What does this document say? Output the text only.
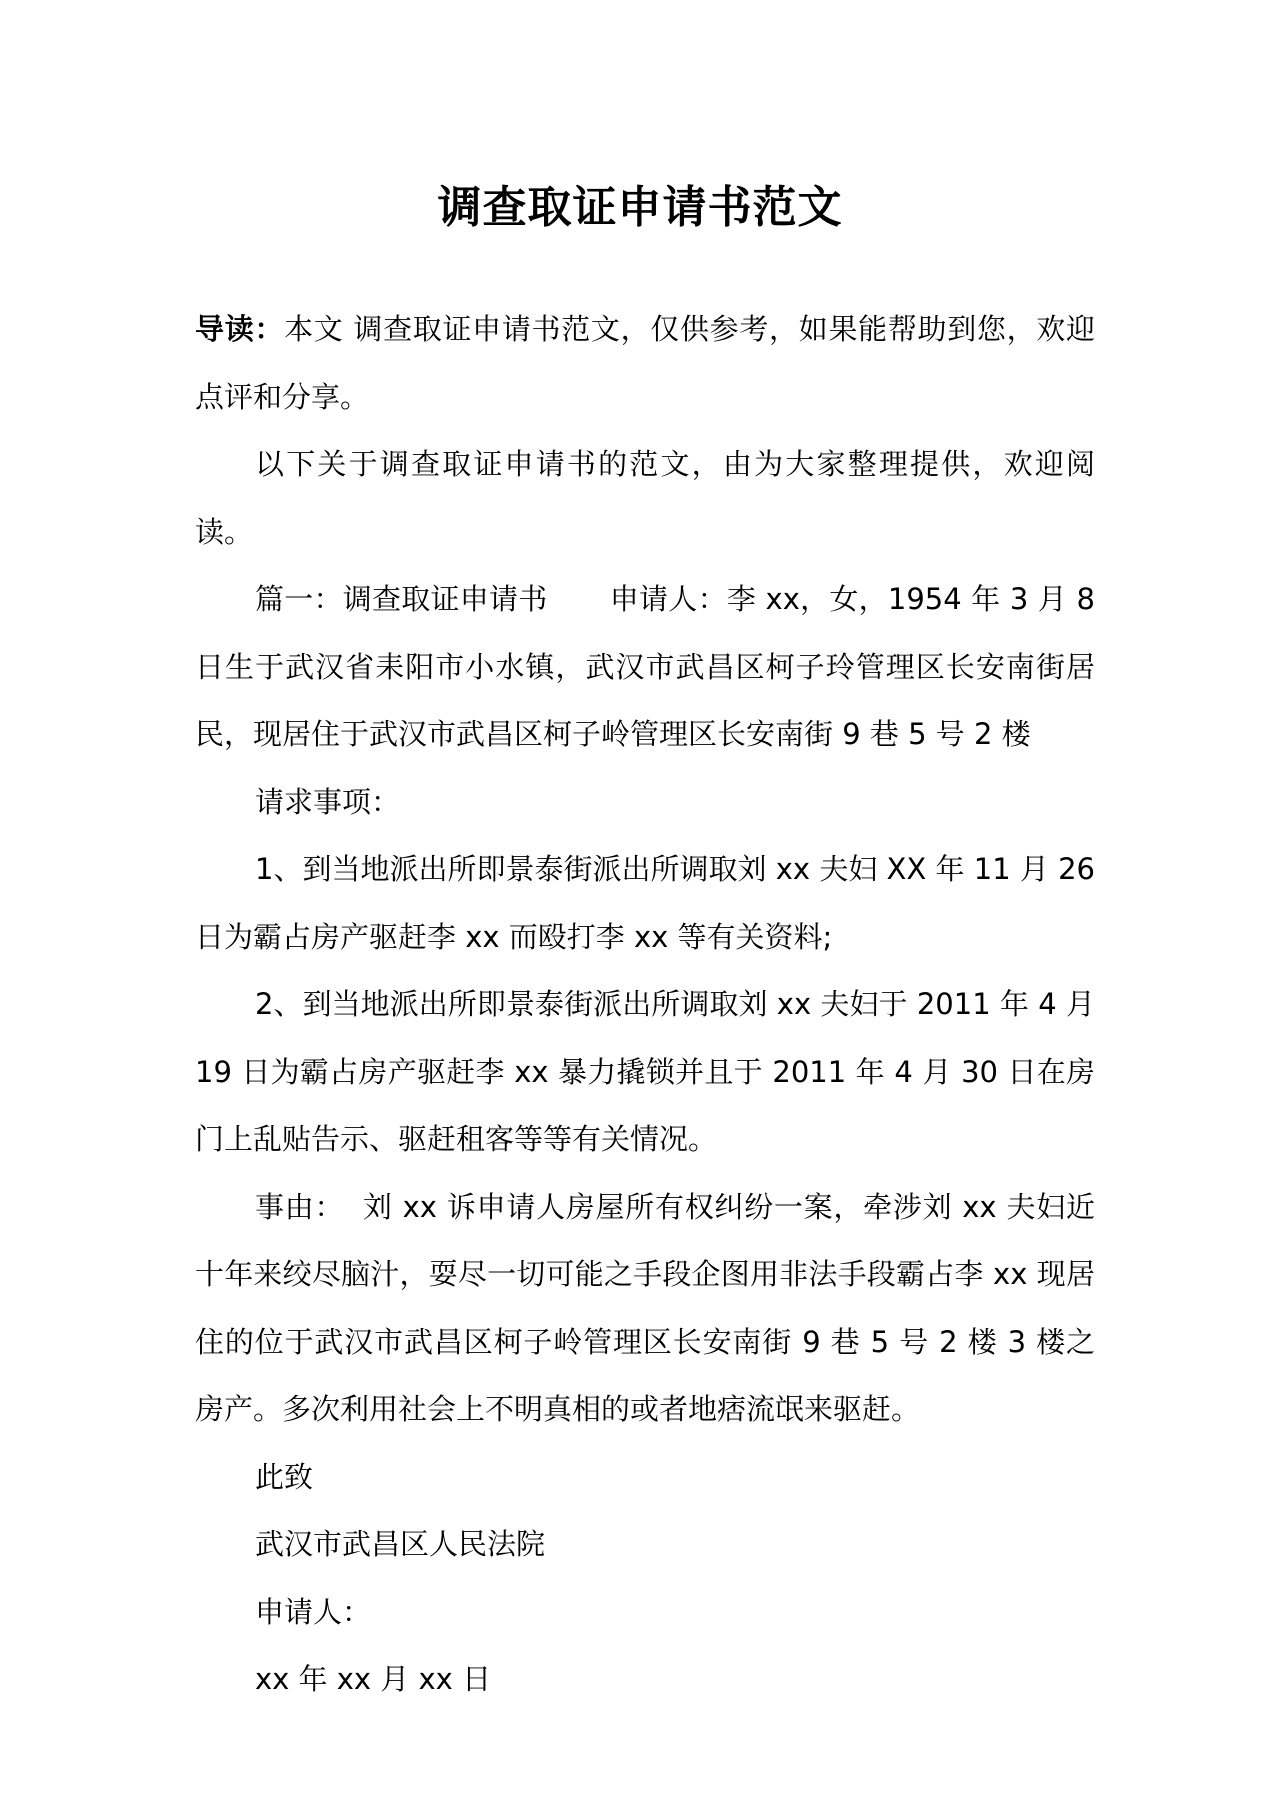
调查取证申请书范文

导读：本文 调查取证申请书范文，仅供参考，如果能帮助到您，欢迎点评和分享。

以下关于调查取证申请书的范文，由为大家整理提供，欢迎阅读。

篇一：调查取证申请书 申请人：李 xx，女，1954 年 3 月 8 日生于武汉省耒阳市小水镇，武汉市武昌区柯子玲管理区长安南街居民，现居住于武汉市武昌区柯子岭管理区长安南街 9 巷 5 号 2 楼

请求事项：

1、到当地派出所即景泰街派出所调取刘 xx 夫妇 XX 年 11 月 26 日为霸占房产驱赶李 xx 而殴打李 xx 等有关资料;

2、到当地派出所即景泰街派出所调取刘 xx 夫妇于 2011 年 4 月 19 日为霸占房产驱赶李 xx 暴力撬锁并且于 2011 年 4 月 30 日在房门上乱贴告示、驱赶租客等等有关情况。

事由： 刘 xx 诉申请人房屋所有权纠纷一案，牵涉刘 xx 夫妇近十年来绞尽脑汁，耍尽一切可能之手段企图用非法手段霸占李 xx 现居住的位于武汉市武昌区柯子岭管理区长安南街 9 巷 5 号 2 楼 3 楼之房产。多次利用社会上不明真相的或者地痞流氓来驱赶。

此致

武汉市武昌区人民法院

申请人：

xx 年 xx 月 xx 日
